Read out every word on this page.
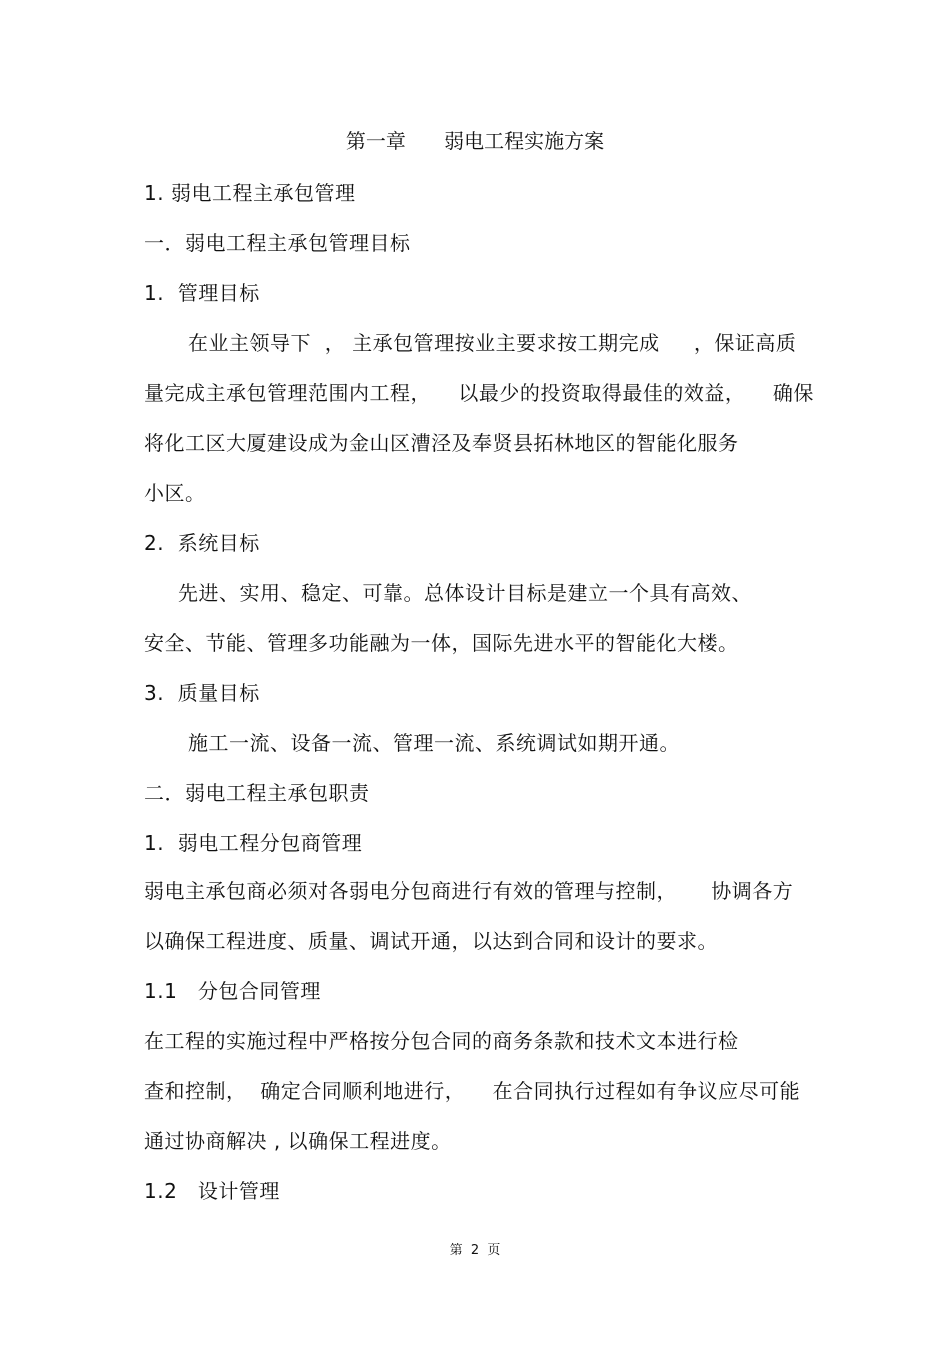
第一章      弱电工程实施方案
1. 弱电工程主承包管理
一．弱电工程主承包管理目标
1.  管理目标
在业主领导下  ， 主承包管理按业主要求按工期完成     ，保证高质
量完成主承包管理范围内工程，    以最少的投资取得最佳的效益，    确保
将化工区大厦建设成为金山区漕泾及奉贤县拓林地区的智能化服务
小区。
2.  系统目标
先进、实用、稳定、可靠。总体设计目标是建立一个具有高效、
安全、节能、管理多功能融为一体，国际先进水平的智能化大楼。
3.  质量目标
施工一流、设备一流、管理一流、系统调试如期开通。
二．弱电工程主承包职责
1.  弱电工程分包商管理
弱电主承包商必须对各弱电分包商进行有效的管理与控制，     协调各方
以确保工程进度、质量、调试开通，以达到合同和设计的要求。
1.1   分包合同管理
在工程的实施过程中严格按分包合同的商务条款和技术文本进行检
查和控制，  确定合同顺利地进行，    在合同执行过程如有争议应尽可能
通过协商解决 , 以确保工程进度。
1.2   设计管理
第  2  页
